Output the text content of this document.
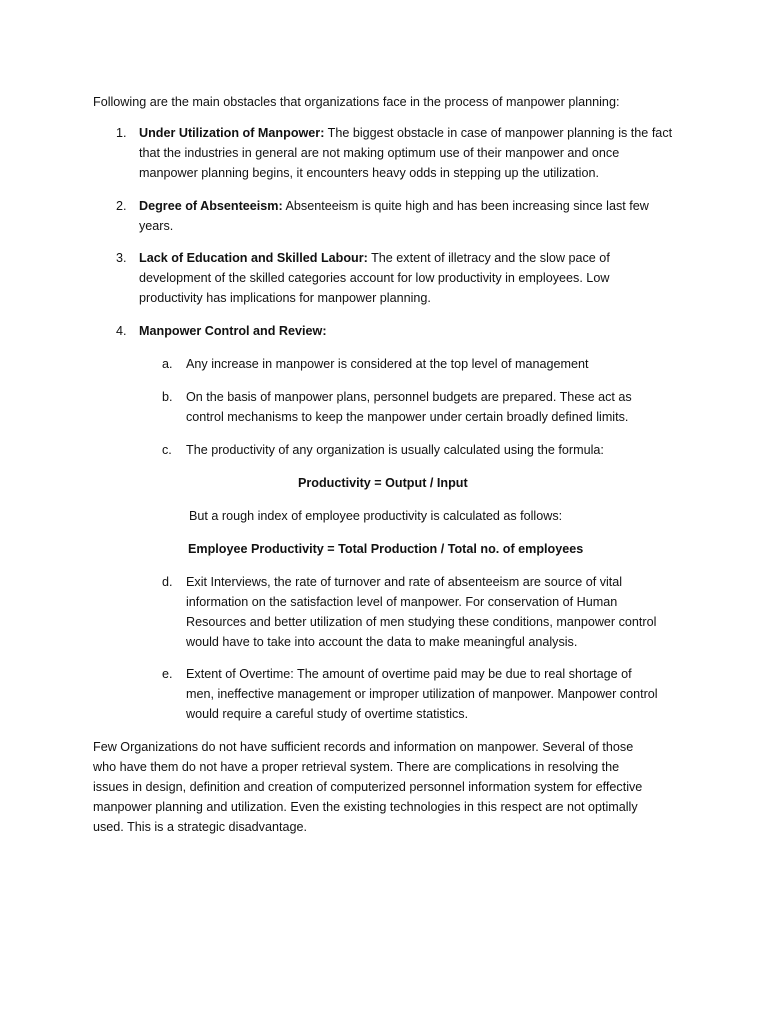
Following are the main obstacles that organizations face in the process of manpower planning:

1. Under Utilization of Manpower: The biggest obstacle in case of manpower planning is the fact that the industries in general are not making optimum use of their manpower and once manpower planning begins, it encounters heavy odds in stepping up the utilization.
2. Degree of Absenteeism: Absenteeism is quite high and has been increasing since last few years.
3. Lack of Education and Skilled Labour: The extent of illetracy and the slow pace of development of the skilled categories account for low productivity in employees. Low productivity has implications for manpower planning.
4. Manpower Control and Review:
a.	Any increase in manpower is considered at the top level of management
b.	On the basis of manpower plans, personnel budgets are prepared. These act as control mechanisms to keep the manpower under certain broadly defined limits.
c.	The productivity of any organization is usually calculated using the formula:
Productivity = Output / Input
But a rough index of employee productivity is calculated as follows:
Employee Productivity = Total Production / Total no. of employees
d.	Exit Interviews, the rate of turnover and rate of absenteeism are source of vital information on the satisfaction level of manpower. For conservation of Human Resources and better utilization of men studying these conditions, manpower control would have to take into account the data to make meaningful analysis.
e.	Extent of Overtime: The amount of overtime paid may be due to real shortage of men, ineffective management or improper utilization of manpower. Manpower control would require a careful study of overtime statistics.

Few Organizations do not have sufficient records and information on manpower. Several of those who have them do not have a proper retrieval system. There are complications in resolving the issues in design, definition and creation of computerized personnel information system for effective manpower planning and utilization. Even the existing technologies in this respect are not optimally used. This is a strategic disadvantage.
